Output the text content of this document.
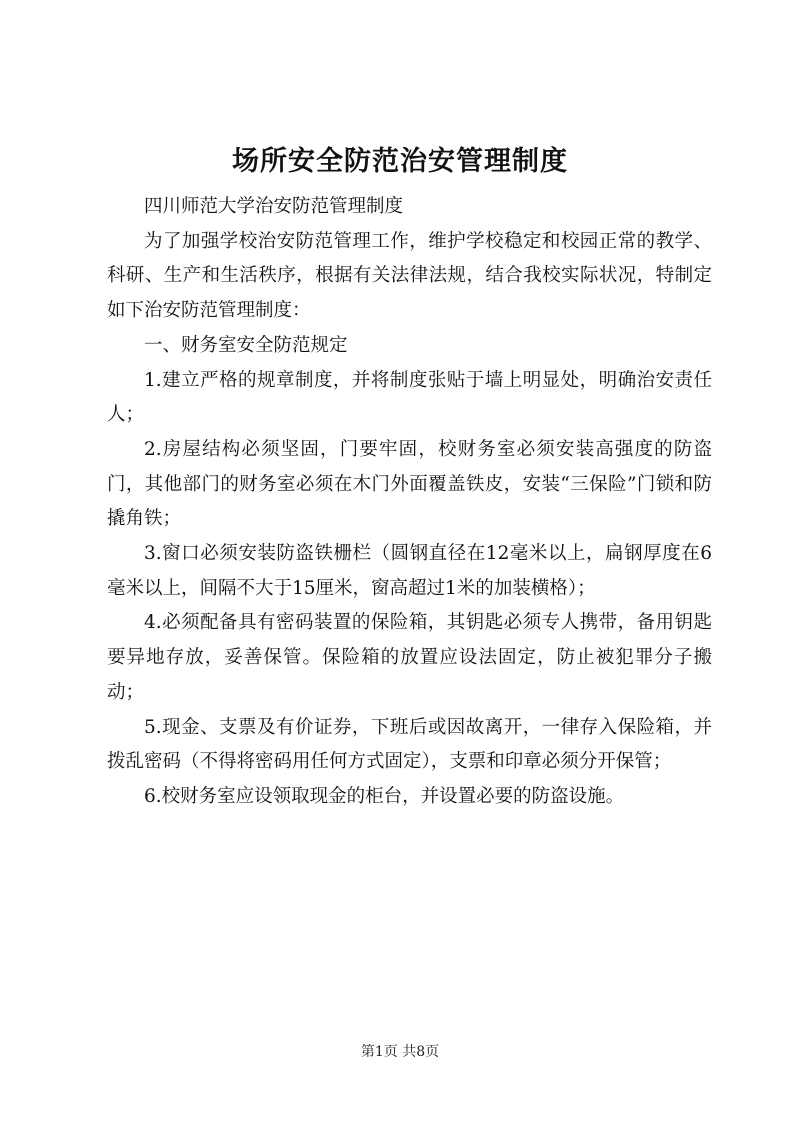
场所安全防范治安管理制度

四川师范大学治安防范管理制度

为了加强学校治安防范管理工作，维护学校稳定和校园正常的教学、科研、生产和生活秩序，根据有关法律法规，结合我校实际状况，特制定如下治安防范管理制度：

一、财务室安全防范规定

1.建立严格的规章制度，并将制度张贴于墙上明显处，明确治安责任人；

2.房屋结构必须坚固，门要牢固，校财务室必须安装高强度的防盗门，其他部门的财务室必须在木门外面覆盖铁皮，安装“三保险”门锁和防撬角铁；

3.窗口必须安装防盗铁栅栏（圆钢直径在12毫米以上，扁钢厚度在6毫米以上，间隔不大于15厘米，窗高超过1米的加装横格）；

4.必须配备具有密码装置的保险箱，其钥匙必须专人携带，备用钥匙要异地存放，妥善保管。保险箱的放置应设法固定，防止被犯罪分子搬动；

5.现金、支票及有价证券，下班后或因故离开，一律存入保险箱，并拨乱密码（不得将密码用任何方式固定），支票和印章必须分开保管；

6.校财务室应设领取现金的柜台，并设置必要的防盗设施。

第1页 共8页
